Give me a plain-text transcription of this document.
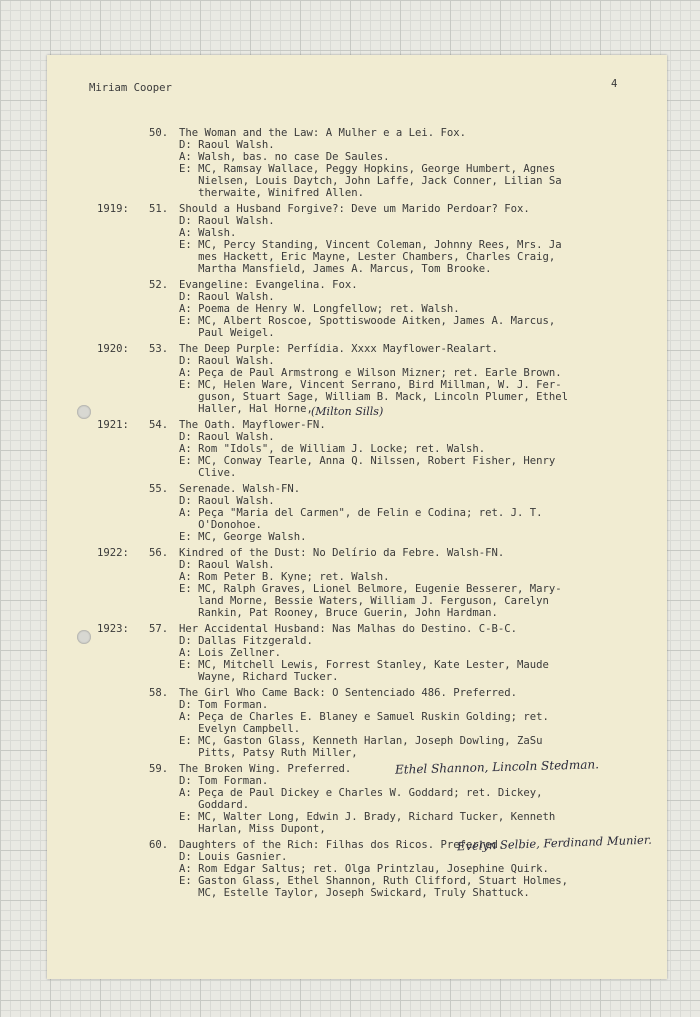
Miriam Cooper	4
50. The Woman and the Law: A Mulher e a Lei. Fox.
D: Raoul Walsh.
A: Walsh, bas. no case De Saules.
E: MC, Ramsay Wallace, Peggy Hopkins, George Humbert, Agnes
Nielsen, Louis Daytch, John Laffe, Jack Conner, Lilian Sa
therwaite, Winifred Allen.
1919: 51. Should a Husband Forgive?: Deve um Marido Perdoar? Fox.
D: Raoul Walsh.
A: Walsh.
E: MC, Percy Standing, Vincent Coleman, Johnny Rees, Mrs. Ja
mes Hackett, Eric Mayne, Lester Chambers, Charles Craig,
Martha Mansfield, James A. Marcus, Tom Brooke.
52. Evangeline: Evangelina. Fox.
D: Raoul Walsh.
A: Poema de Henry W. Longfellow; ret. Walsh.
E: MC, Albert Roscoe, Spottiswoode Aitken, James A. Marcus,
Paul Weigel.
1920: 53. The Deep Purple: Perfídia. Xxxx Mayflower-Realart.
D: Raoul Walsh.
A: Peça de Paul Armstrong e Wilson Mizner; ret. Earle Brown.
E: MC, Helen Ware, Vincent Serrano, Bird Millman, W. J. Fer-
guson, Stuart Sage, William B. Mack, Lincoln Plumer, Ethel
Haller, Hal Horne,
1921: 54. The Oath. Mayflower-FN.
D: Raoul Walsh.
A: Rom "Idols", de William J. Locke; ret. Walsh.
E: MC, Conway Tearle, Anna Q. Nilssen, Robert Fisher, Henry
Clive.
55. Serenade. Walsh-FN.
D: Raoul Walsh.
A: Peça "Maria del Carmen", de Felin e Codina; ret. J. T.
O'Donohoe.
E: MC, George Walsh.
1922: 56. Kindred of the Dust: No Delírio da Febre. Walsh-FN.
D: Raoul Walsh.
A: Rom Peter B. Kyne; ret. Walsh.
E: MC, Ralph Graves, Lionel Belmore, Eugenie Besserer, Mary-
land Morne, Bessie Waters, William J. Ferguson, Carelyn
Rankin, Pat Rooney, Bruce Guerin, John Hardman.
1923: 57. Her Accidental Husband: Nas Malhas do Destino. C-B-C.
D: Dallas Fitzgerald.
A: Lois Zellner.
E: MC, Mitchell Lewis, Forrest Stanley, Kate Lester, Maude
Wayne, Richard Tucker.
58. The Girl Who Came Back: O Sentenciado 486. Preferred.
D: Tom Forman.
A: Peça de Charles E. Blaney e Samuel Ruskin Golding; ret.
Evelyn Campbell.
E: MC, Gaston Glass, Kenneth Harlan, Joseph Dowling, ZaSu
Pitts, Patsy Ruth Miller,
59. The Broken Wing. Preferred.
D: Tom Forman.
A: Peça de Paul Dickey e Charles W. Goddard; ret. Dickey,
Goddard.
E: MC, Walter Long, Edwin J. Brady, Richard Tucker, Kenneth
Harlan, Miss Dupont,
60. Daughters of the Rich: Filhas dos Ricos. Preferred.
D: Louis Gasnier.
A: Rom Edgar Saltus; ret. Olga Printzlau, Josephine Quirk.
E: Gaston Glass, Ethel Shannon, Ruth Clifford, Stuart Holmes,
MC, Estelle Taylor, Joseph Swickard, Truly Shattuck.
(Milton Sills)
Ethel Shannon, Lincoln Stedman.
Evelyn Selbie, Ferdinand Munier.
